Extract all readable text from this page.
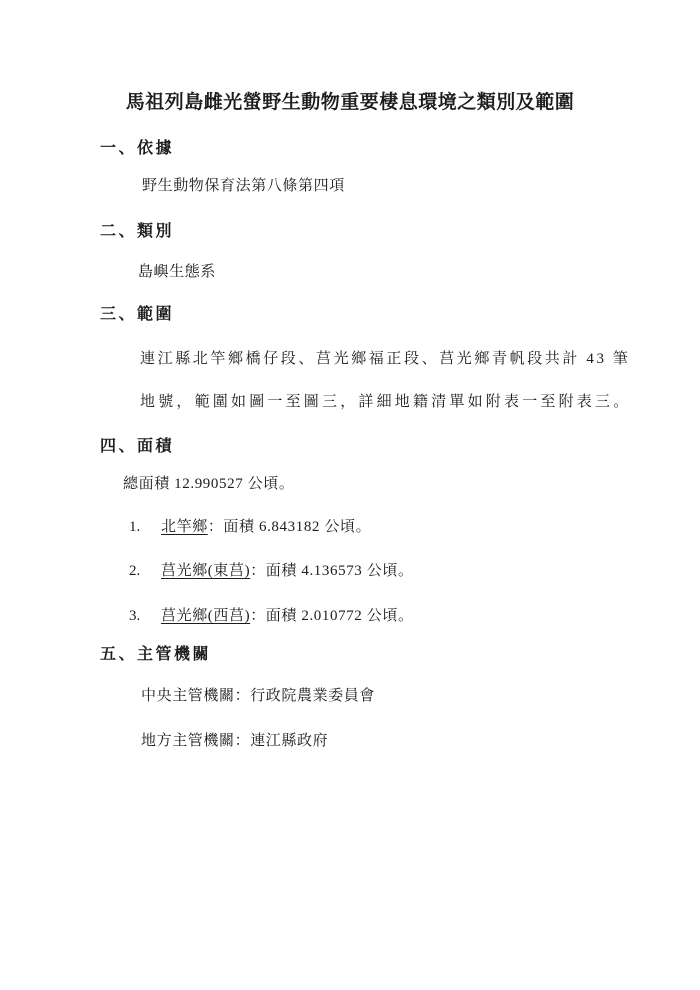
馬祖列島雌光螢野生動物重要棲息環境之類別及範圍
一、依據
野生動物保育法第八條第四項
二、類別
島嶼生態系
三、範圍
連江縣北竿鄉橋仔段、莒光鄉福正段、莒光鄉青帆段共計 43 筆
地號，範圍如圖一至圖三，詳細地籍清單如附表一至附表三。
四、面積
總面積 12.990527 公頃。
1. 北竿鄉：面積 6.843182 公頃。
2. 莒光鄉(東莒)：面積 4.136573 公頃。
3. 莒光鄉(西莒)：面積 2.010772 公頃。
五、主管機關
中央主管機關：行政院農業委員會
地方主管機關：連江縣政府
